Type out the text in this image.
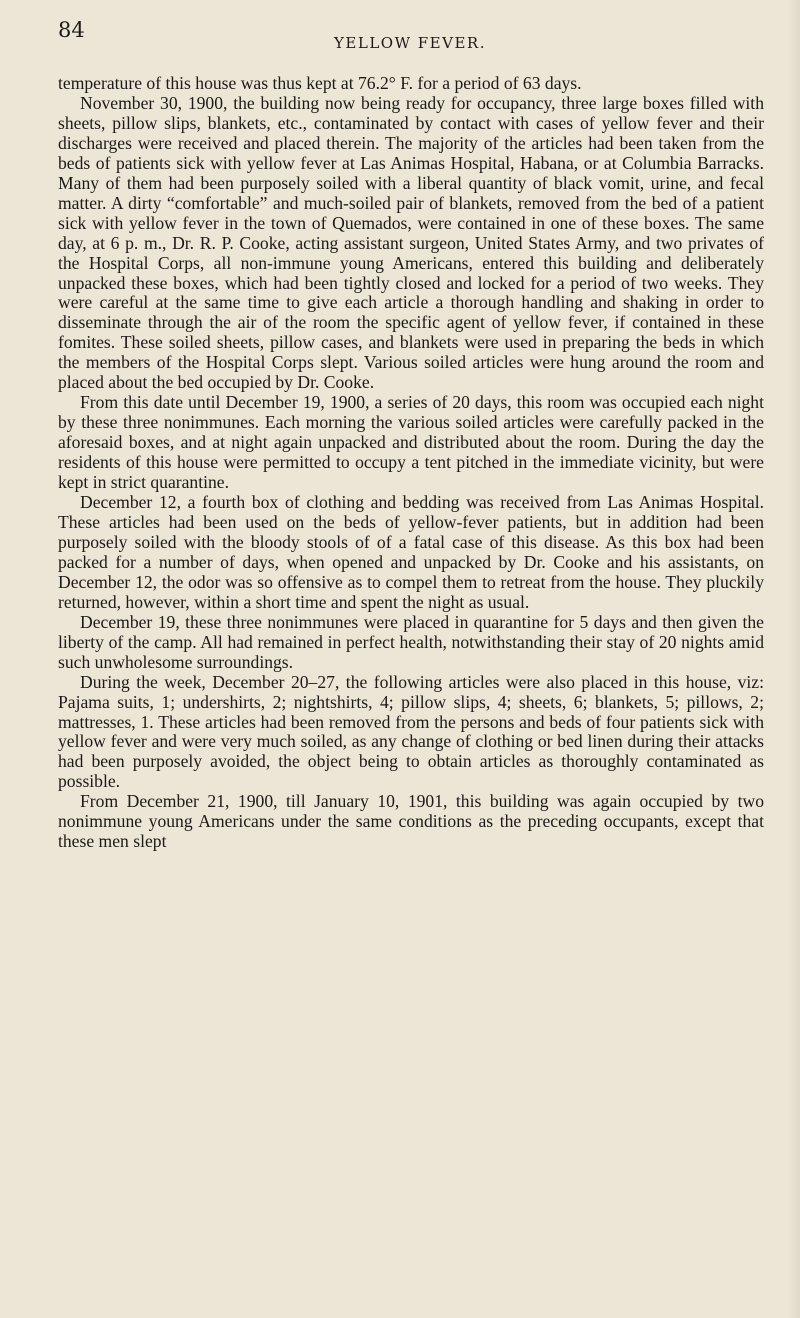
84
YELLOW FEVER.

temperature of this house was thus kept at 76.2° F. for a period of 63 days.

November 30, 1900, the building now being ready for occupancy, three large boxes filled with sheets, pillow slips, blankets, etc., contaminated by contact with cases of yellow fever and their discharges were received and placed therein. The majority of the articles had been taken from the beds of patients sick with yellow fever at Las Animas Hospital, Habana, or at Columbia Barracks. Many of them had been purposely soiled with a liberal quantity of black vomit, urine, and fecal matter. A dirty “comfortable” and much-soiled pair of blankets, removed from the bed of a patient sick with yellow fever in the town of Quemados, were contained in one of these boxes. The same day, at 6 p. m., Dr. R. P. Cooke, acting assistant surgeon, United States Army, and two privates of the Hospital Corps, all non-immune young Americans, entered this building and deliberately unpacked these boxes, which had been tightly closed and locked for a period of two weeks. They were careful at the same time to give each article a thorough handling and shaking in order to disseminate through the air of the room the specific agent of yellow fever, if contained in these fomites. These soiled sheets, pillow cases, and blankets were used in preparing the beds in which the members of the Hospital Corps slept. Various soiled articles were hung around the room and placed about the bed occupied by Dr. Cooke.

From this date until December 19, 1900, a series of 20 days, this room was occupied each night by these three nonimmunes. Each morning the various soiled articles were carefully packed in the aforesaid boxes, and at night again unpacked and distributed about the room. During the day the residents of this house were permitted to occupy a tent pitched in the immediate vicinity, but were kept in strict quarantine.

December 12, a fourth box of clothing and bedding was received from Las Animas Hospital. These articles had been used on the beds of yellow-fever patients, but in addition had been purposely soiled with the bloody stools of of a fatal case of this disease. As this box had been packed for a number of days, when opened and unpacked by Dr. Cooke and his assistants, on December 12, the odor was so offensive as to compel them to retreat from the house. They pluckily returned, however, within a short time and spent the night as usual.

December 19, these three nonimmunes were placed in quarantine for 5 days and then given the liberty of the camp. All had remained in perfect health, notwithstanding their stay of 20 nights amid such unwholesome surroundings.

During the week, December 20–27, the following articles were also placed in this house, viz: Pajama suits, 1; undershirts, 2; nightshirts, 4; pillow slips, 4; sheets, 6; blankets, 5; pillows, 2; mattresses, 1. These articles had been removed from the persons and beds of four patients sick with yellow fever and were very much soiled, as any change of clothing or bed linen during their attacks had been purposely avoided, the object being to obtain articles as thoroughly contaminated as possible.

From December 21, 1900, till January 10, 1901, this building was again occupied by two nonimmune young Americans under the same conditions as the preceding occupants, except that these men slept
